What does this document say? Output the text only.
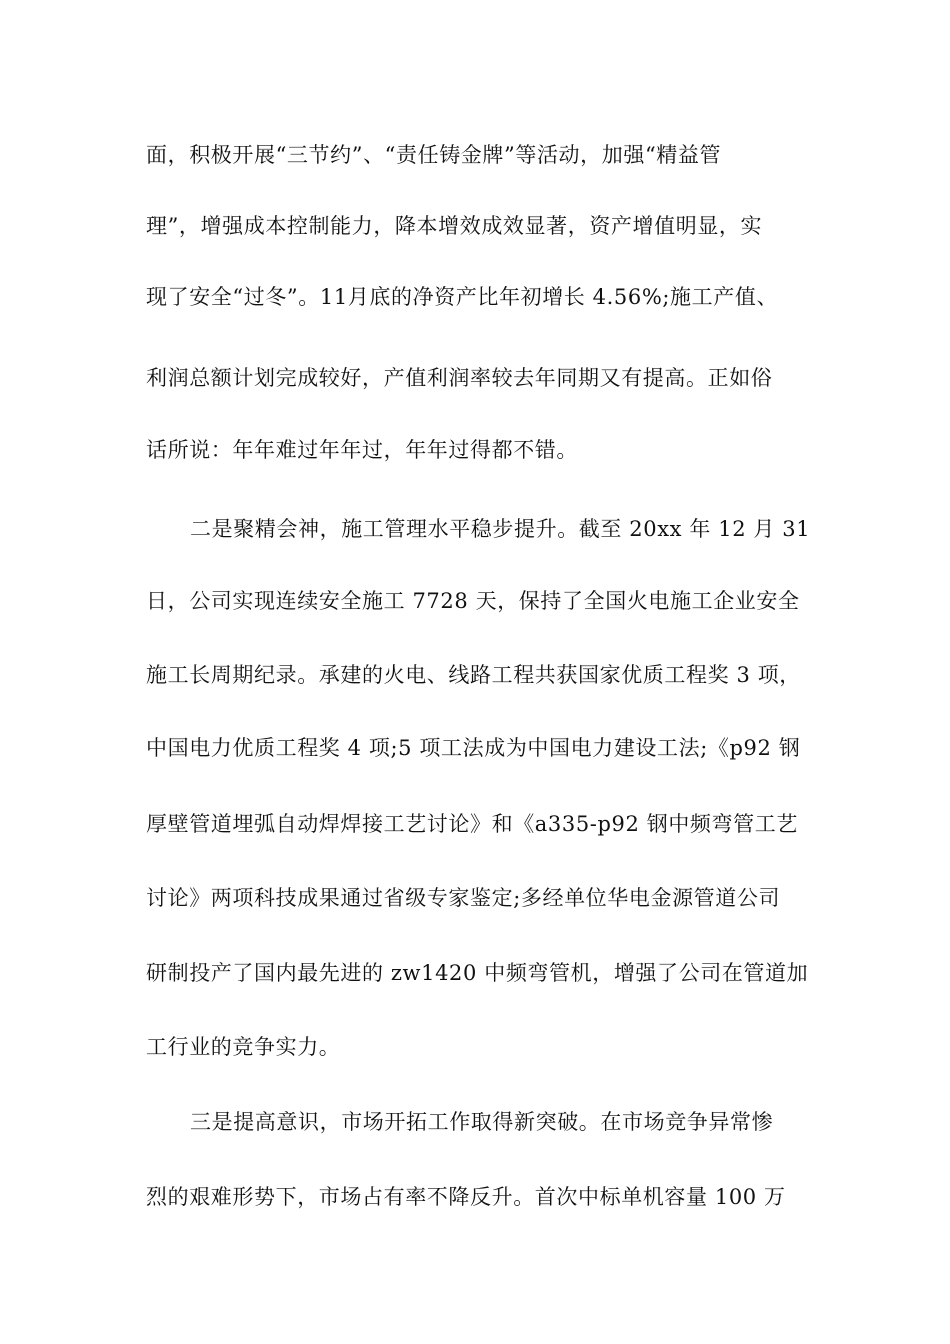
面，积极开展“三节约”、“责任铸金牌”等活动，加强“精益管
理”，增强成本控制能力，降本增效成效显著，资产增值明显，实
现了安全“过冬”。11月底的净资产比年初增长 4.56%;施工产值、
利润总额计划完成较好，产值利润率较去年同期又有提高。正如俗
话所说：年年难过年年过，年年过得都不错。
二是聚精会神，施工管理水平稳步提升。截至 20xx 年 12 月 31
日，公司实现连续安全施工 7728 天，保持了全国火电施工企业安全
施工长周期纪录。承建的火电、线路工程共获国家优质工程奖 3 项，
中国电力优质工程奖 4 项;5 项工法成为中国电力建设工法;《p92 钢
厚壁管道埋弧自动焊焊接工艺讨论》和《a335-p92 钢中频弯管工艺
讨论》两项科技成果通过省级专家鉴定;多经单位华电金源管道公司
研制投产了国内最先进的 zw1420 中频弯管机，增强了公司在管道加
工行业的竞争实力。
三是提高意识，市场开拓工作取得新突破。在市场竞争异常惨
烈的艰难形势下，市场占有率不降反升。首次中标单机容量 100 万
